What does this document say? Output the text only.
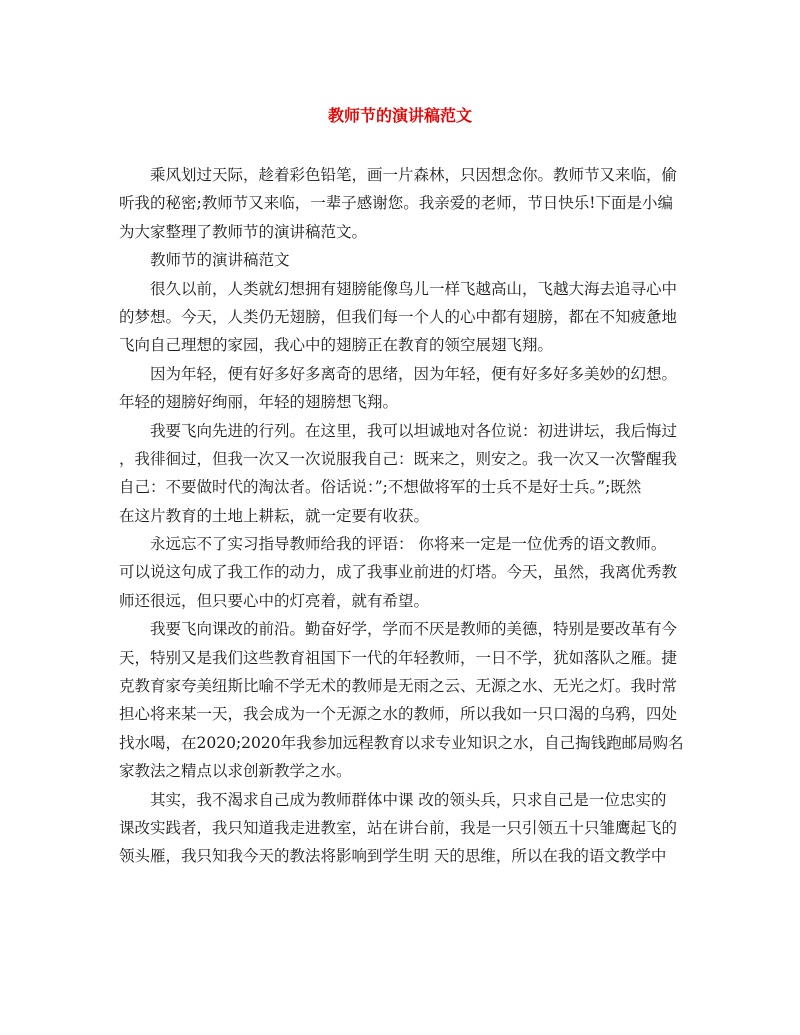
教师节的演讲稿范文
乘风划过天际，趁着彩色铅笔，画一片森林，只因想念你。教师节又来临，偷
听我的秘密;教师节又来临，一辈子感谢您。我亲爱的老师，节日快乐!下面是小编
为大家整理了教师节的演讲稿范文。
教师节的演讲稿范文
很久以前，人类就幻想拥有翅膀能像鸟儿一样飞越高山，飞越大海去追寻心中
的梦想。今天，人类仍无翅膀，但我们每一个人的心中都有翅膀，都在不知疲惫地
飞向自己理想的家园，我心中的翅膀正在教育的领空展翅飞翔。
因为年轻，便有好多好多离奇的思绪，因为年轻，便有好多好多美妙的幻想。
年轻的翅膀好绚丽，年轻的翅膀想飞翔。
我要飞向先进的行列。在这里，我可以坦诚地对各位说：初进讲坛，我后悔过
，我徘徊过，但我一次又一次说服我自己：既来之，则安之。我一次又一次警醒我
自己：不要做时代的淘汰者。俗话说：”;不想做将军的士兵不是好士兵。”;既然
在这片教育的土地上耕耘，就一定要有收获。
永远忘不了实习指导教师给我的评语： 你将来一定是一位优秀的语文教师。
可以说这句成了我工作的动力，成了我事业前进的灯塔。今天，虽然，我离优秀教
师还很远，但只要心中的灯亮着，就有希望。
我要飞向课改的前沿。勤奋好学，学而不厌是教师的美德，特别是要改革有今
天，特别又是我们这些教育祖国下一代的年轻教师，一日不学，犹如落队之雁。捷
克教育家夸美纽斯比喻不学无术的教师是无雨之云、无源之水、无光之灯。我时常
担心将来某一天，我会成为一个无源之水的教师，所以我如一只口渴的乌鸦，四处
找水喝，在2020;2020年我参加远程教育以求专业知识之水，自己掏钱跑邮局购名
家教法之精点以求创新教学之水。
其实，我不渴求自己成为教师群体中课 改的领头兵，只求自己是一位忠实的
课改实践者，我只知道我走进教室，站在讲台前，我是一只引领五十只雏鹰起飞的
领头雁，我只知我今天的教法将影响到学生明 天的思维，所以在我的语文教学中
